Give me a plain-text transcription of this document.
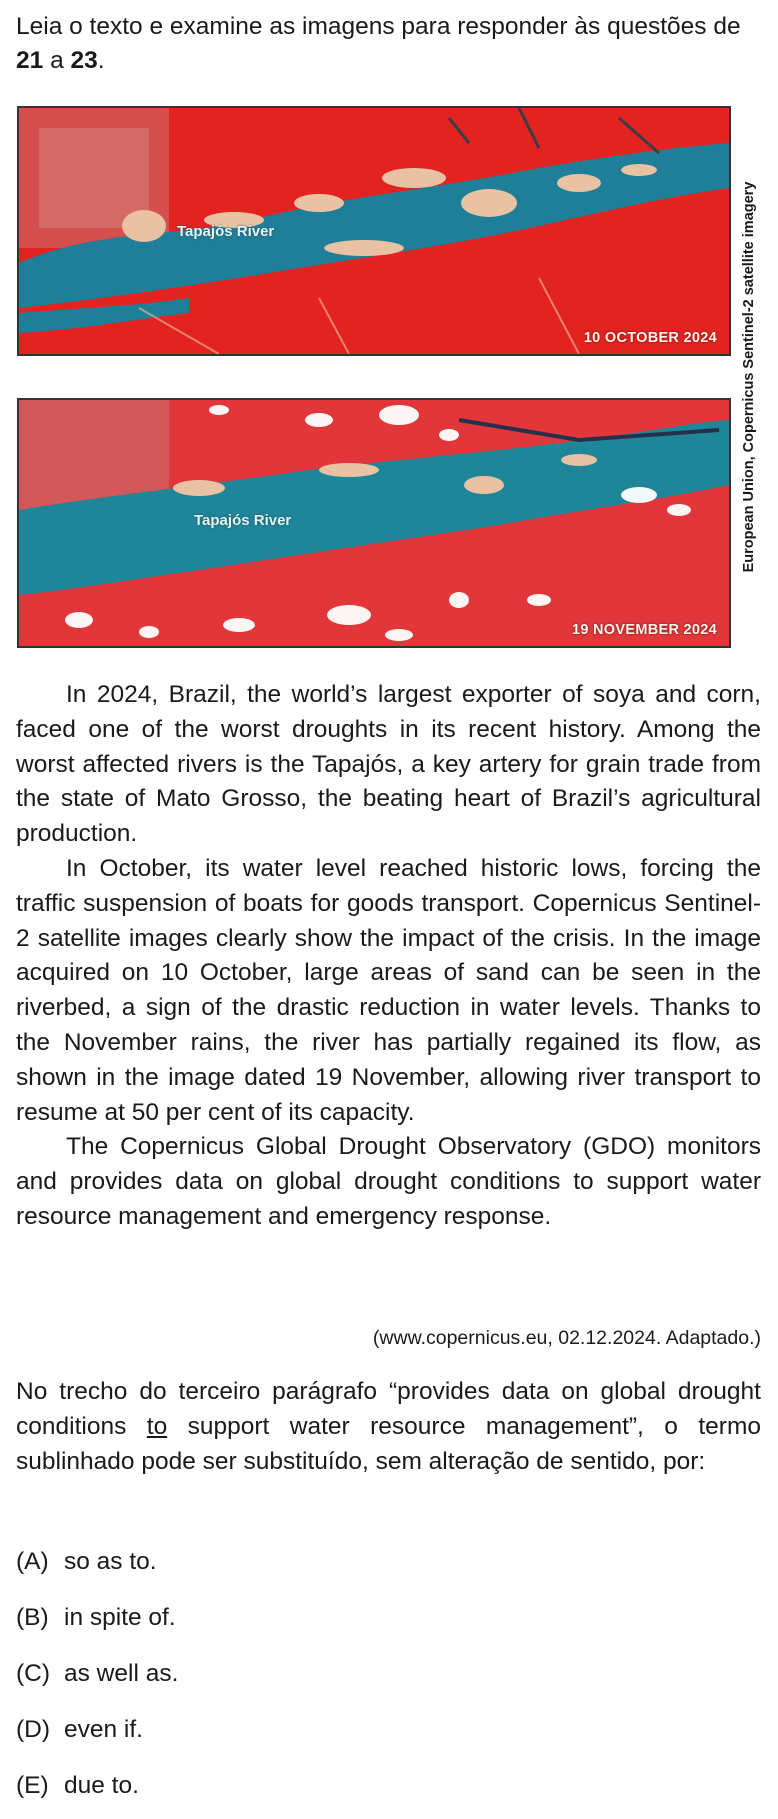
Leia o texto e examine as imagens para responder às questões de 21 a 23.
Tapajós River
10 OCTOBER 2024
Tapajós River
19 NOVEMBER 2024
European Union, Copernicus Sentinel-2 satellite imagery

In 2024, Brazil, the world’s largest exporter of soya and corn, faced one of the worst droughts in its recent history. Among the worst affected rivers is the Tapajós, a key artery for grain trade from the state of Mato Grosso, the beating heart of Brazil’s agricultural production.

In October, its water level reached historic lows, forcing the traffic suspension of boats for goods transport. Copernicus Sentinel-2 satellite images clearly show the impact of the crisis. In the image acquired on 10 October, large areas of sand can be seen in the riverbed, a sign of the drastic reduction in water levels. Thanks to the November rains, the river has partially regained its flow, as shown in the image dated 19 November, allowing river transport to resume at 50 per cent of its capacity.

The Copernicus Global Drought Observatory (GDO) monitors and provides data on global drought conditions to support water resource management and emergency response.

(www.copernicus.eu, 02.12.2024. Adaptado.)
No trecho do terceiro parágrafo “provides data on global drought conditions to support water resource management”, o termo sublinhado pode ser substituído, sem alteração de sentido, por:
(A) so as to.
(B) in spite of.
(C) as well as.
(D) even if.
(E) due to.
